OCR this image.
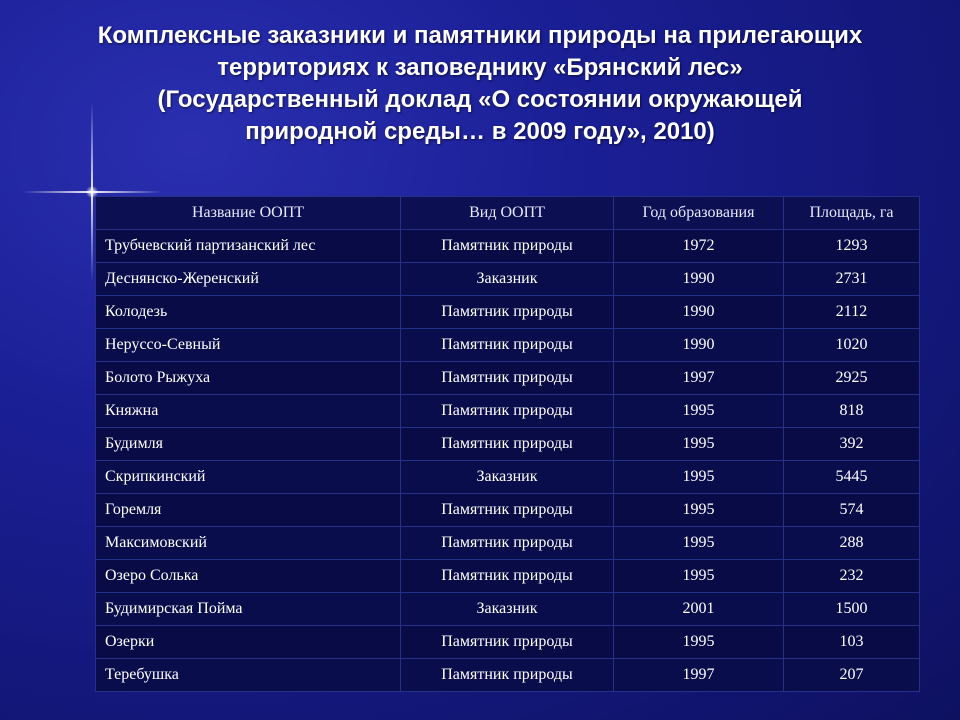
Комплексные заказники и памятники природы на прилегающих
территориях к заповеднику «Брянский лес»
(Государственный доклад «О состоянии окружающей
природной среды… в 2009 году», 2010)
Название ООПТ	Вид ООПТ	Год образования	Площадь, га
Трубчевский партизанский лес	Памятник природы	1972	1293
Деснянско-Жеренский	Заказник	1990	2731
Колодезь	Памятник природы	1990	2112
Неруссо-Севный	Памятник природы	1990	1020
Болото Рыжуха	Памятник природы	1997	2925
Княжна	Памятник природы	1995	818
Будимля	Памятник природы	1995	392
Скрипкинский	Заказник	1995	5445
Горемля	Памятник природы	1995	574
Максимовский	Памятник природы	1995	288
Озеро Солька	Памятник природы	1995	232
Будимирская Пойма	Заказник	2001	1500
Озерки	Памятник природы	1995	103
Теребушка	Памятник природы	1997	207
